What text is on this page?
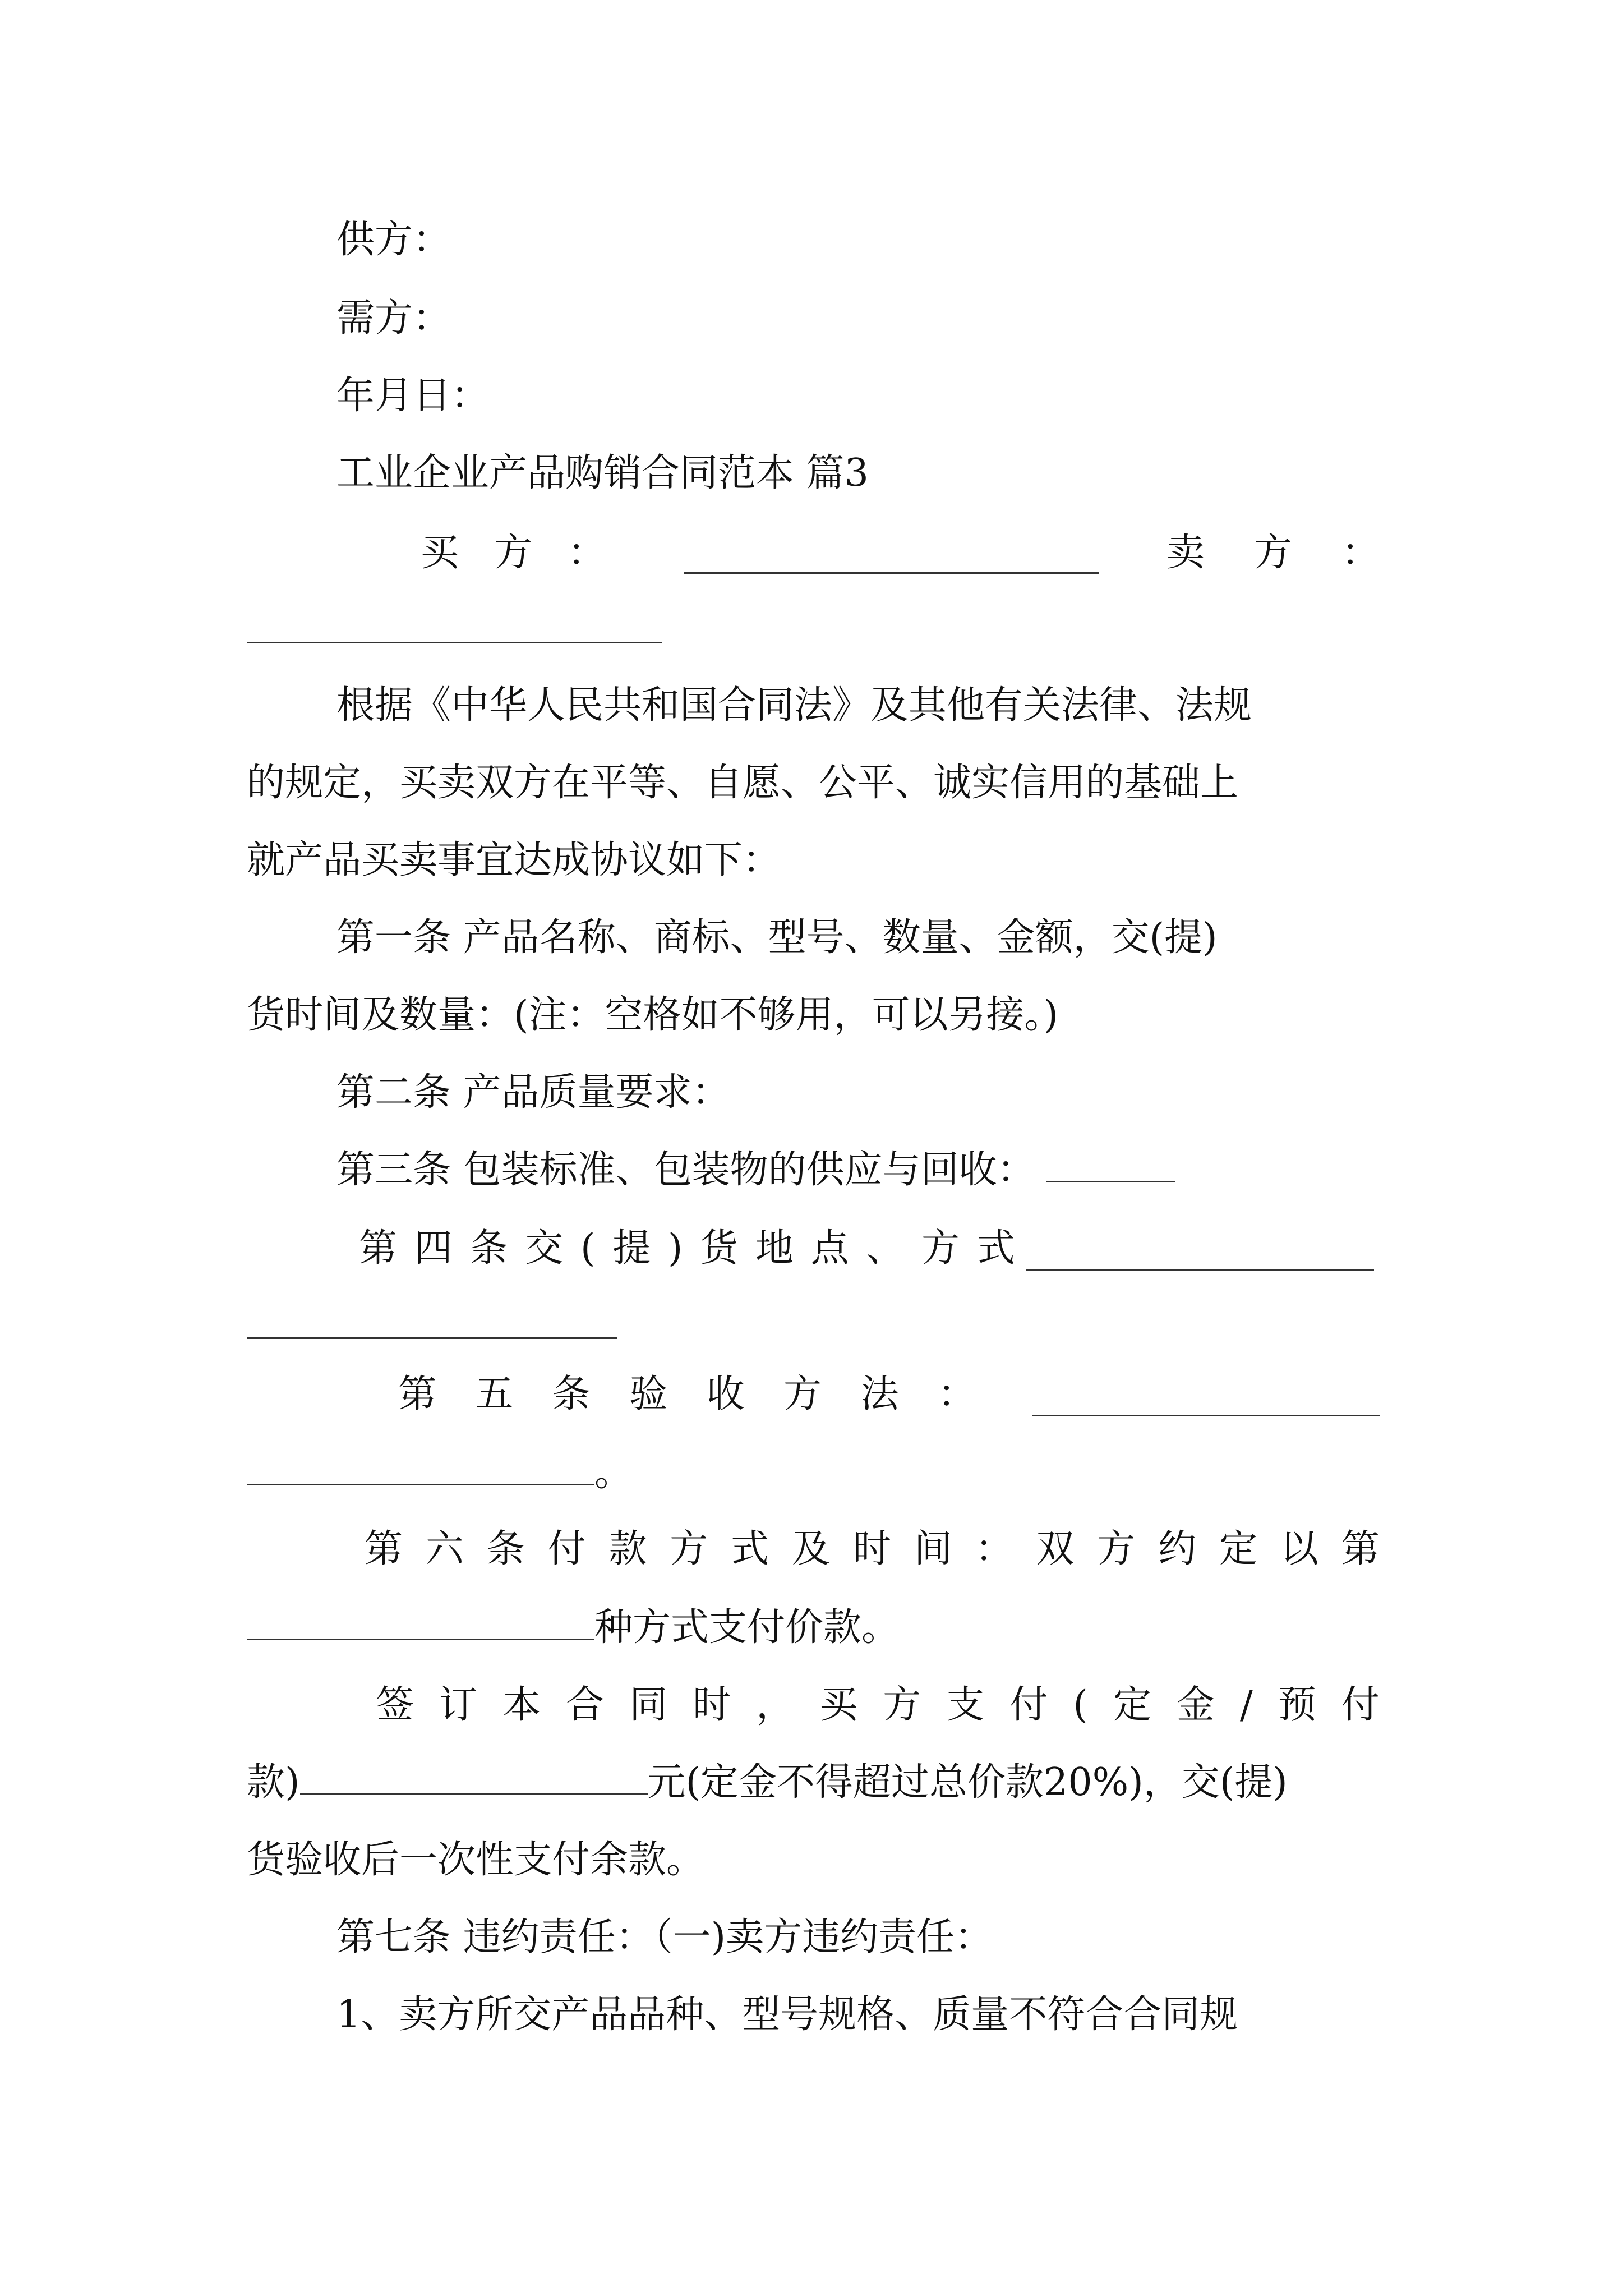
供方：
需方：
年月日：
工业企业产品购销合同范本 篇3
买 方 ：	卖 方 ：
根据《中华人民共和国合同法》及其他有关法律、法规
的规定，买卖双方在平等、自愿、公平、诚实信用的基础上
就产品买卖事宜达成协议如下：
第一条 产品名称、商标、型号、数量、金额，交(提)
货时间及数量：(注：空格如不够用，可以另接。)
第二条 产品质量要求：
第三条 包装标准、包装物的供应与回收：
第 四 条 交 ( 提 ) 货 地 点 、 方 式
第 五 条 验 收 方 法 ：
。
第 六 条 付 款 方 式 及 时 间 ： 双 方 约 定 以 第
种方式支付价款。
签 订 本 合 同 时 ， 买 方 支 付 ( 定 金 / 预 付
款)	元(定金不得超过总价款20%)，交(提)
货验收后一次性支付余款。
第七条 违约责任：（一)卖方违约责任：
1、卖方所交产品品种、型号规格、质量不符合合同规
